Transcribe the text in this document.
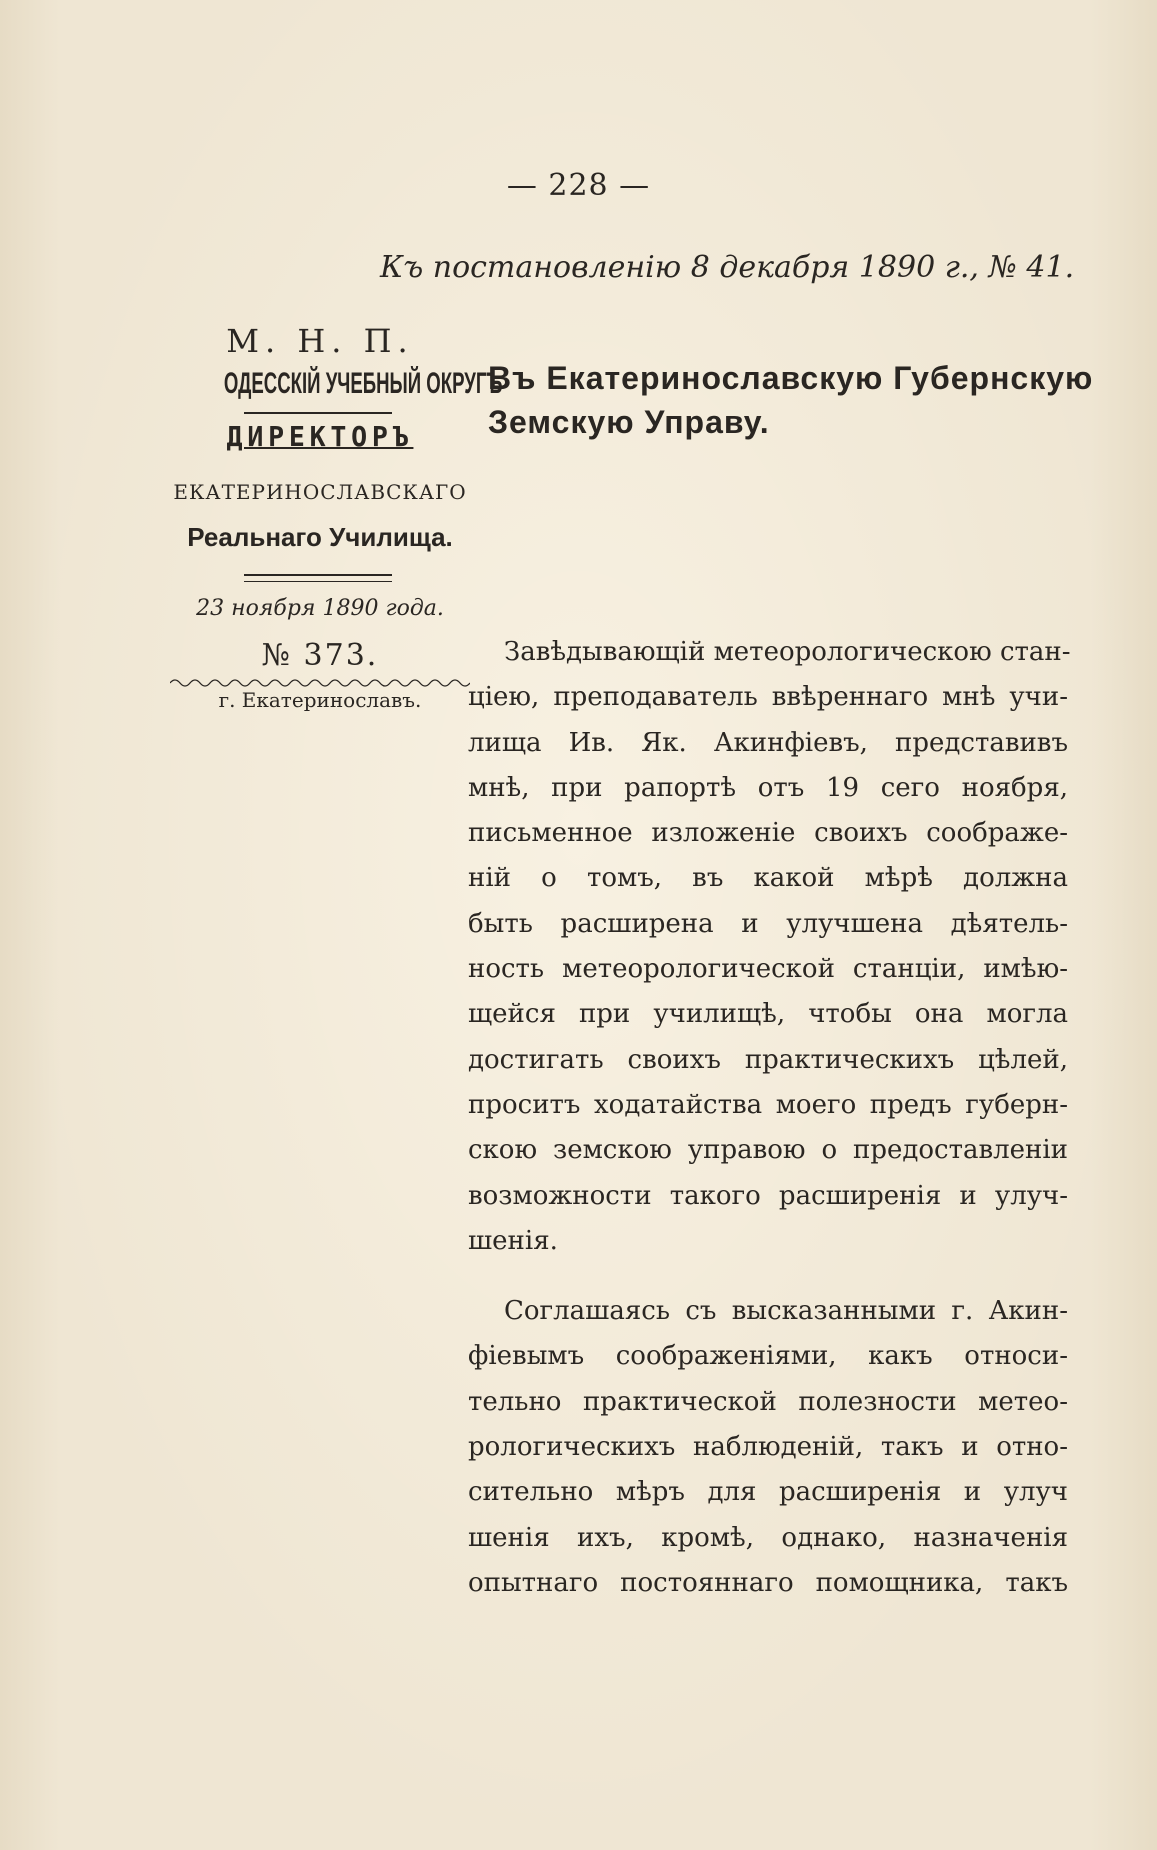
— 228 —
Къ постановленію 8 декабря 1890 г., № 41.
М. Н. П.
ОДЕССКІЙ УЧЕБНЫЙ ОКРУГЪ
ДИРЕКТОРЪ
ЕКАТЕРИНОСЛАВСКАГО
Реальнаго Училища.
23 ноября 1890 года.
№ 373.
г. Екатеринославъ.
Въ Екатеринославскую Губернскую
Земскую Управу.
Завѣдывающій метеорологическою стан-
ціею, преподаватель ввѣреннаго мнѣ учи-
лища Ив. Як. Акинфіевъ, представивъ
мнѣ, при рапортѣ отъ 19 сего ноября,
письменное изложеніе своихъ соображе-
ній о томъ, въ какой мѣрѣ должна
быть расширена и улучшена дѣятель-
ность метеорологической станціи, имѣю-
щейся при училищѣ, чтобы она могла
достигать своихъ практическихъ цѣлей,
проситъ ходатайства моего предъ губерн-
скою земскою управою о предоставленіи
возможности такого расширенія и улуч-
шенія.
Соглашаясь съ высказанными г. Акин-
фіевымъ соображеніями, какъ относи-
тельно практической полезности метео-
рологическихъ наблюденій, такъ и отно-
сительно мѣръ для расширенія и улуч
шенія ихъ, кромѣ, однако, назначенія
опытнаго постояннаго помощника, такъ
